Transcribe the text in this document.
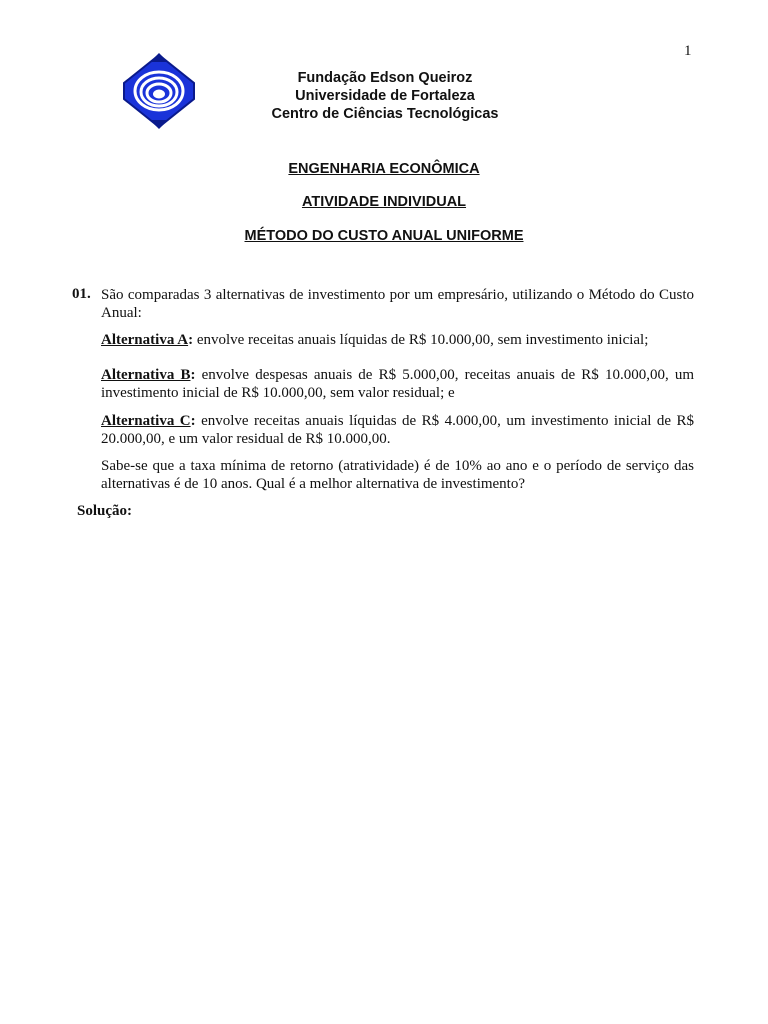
1
Fundação Edson Queiroz
Universidade de Fortaleza
Centro de Ciências Tecnológicas
ENGENHARIA ECONÔMICA
ATIVIDADE INDIVIDUAL
MÉTODO DO CUSTO ANUAL UNIFORME
01. São comparadas 3 alternativas de investimento por um empresário, utilizando o Método do Custo Anual:
Alternativa A: envolve receitas anuais líquidas de R$ 10.000,00, sem investimento inicial;
Alternativa B: envolve despesas anuais de R$ 5.000,00, receitas anuais de R$ 10.000,00, um investimento inicial de R$ 10.000,00, sem valor residual; e
Alternativa C: envolve receitas anuais líquidas de R$ 4.000,00, um investimento inicial de R$ 20.000,00, e um valor residual de R$ 10.000,00.
Sabe-se que a taxa mínima de retorno (atratividade) é de 10% ao ano e o período de serviço das alternativas é de 10 anos. Qual é a melhor alternativa de investimento?
Solução:
